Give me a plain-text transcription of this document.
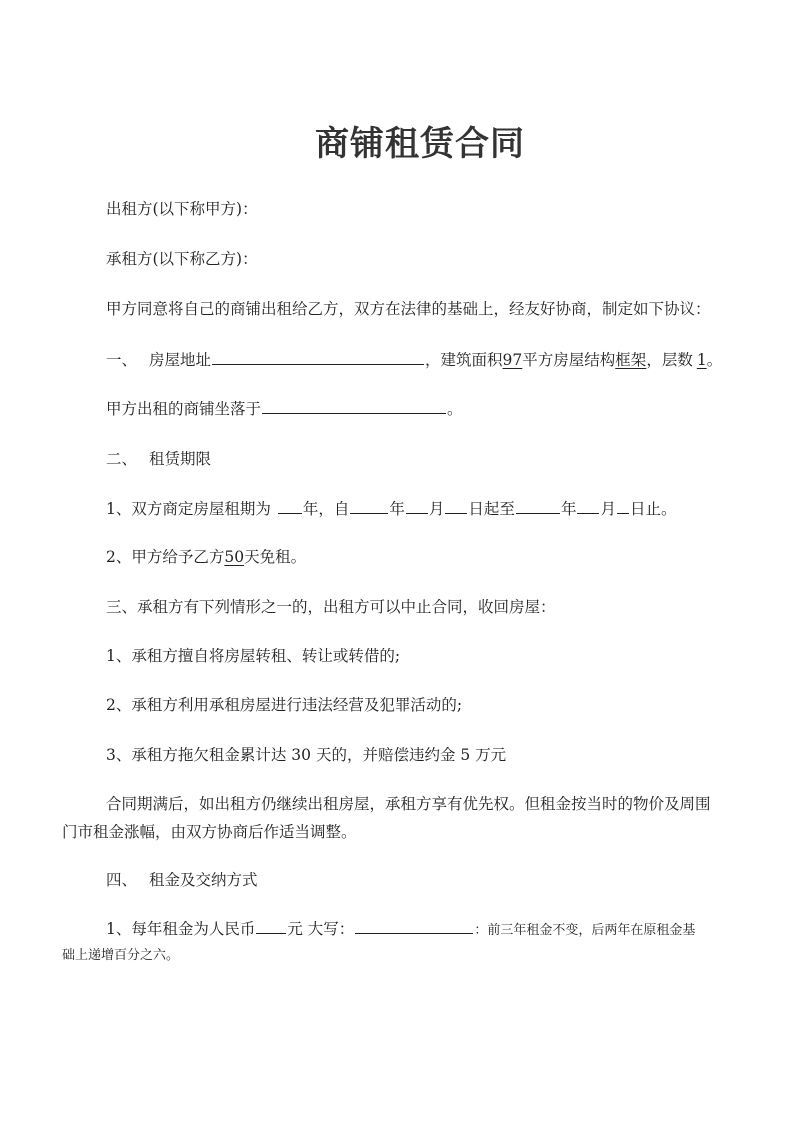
商铺租赁合同
出租方(以下称甲方)：
承租方(以下称乙方)：
甲方同意将自己的商铺出租给乙方，双方在法律的基础上，经友好协商，制定如下协议：
一、 房屋地址	，建筑面积97平方房屋结构框架，层数 1。
甲方出租的商铺坐落于	。
二、 租赁期限
1、双方商定房屋租期为 年，自	年 月 日起至	年 月 日止。
2、甲方给予乙方50天免租。
三、承租方有下列情形之一的，出租方可以中止合同，收回房屋：
1、承租方擅自将房屋转租、转让或转借的;
2、承租方利用承租房屋进行违法经营及犯罪活动的;
3、承租方拖欠租金累计达 30 天的，并赔偿违约金 5 万元
合同期满后，如出租方仍继续出租房屋，承租方享有优先权。但租金按当时的物价及周围
门市租金涨幅，由双方协商后作适当调整。
四、 租金及交纳方式
1、每年租金为人民币 元 大写：	：前三年租金不变，后两年在原租金基
础上递增百分之六。
